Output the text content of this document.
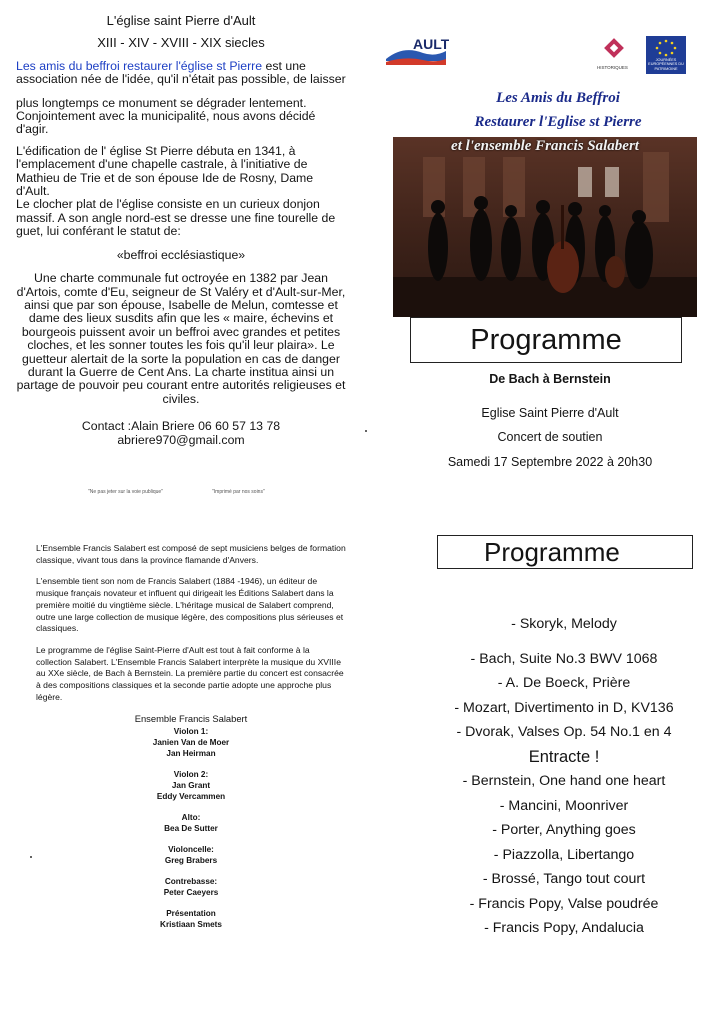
L'église saint Pierre d'Ault

XIII - XIV - XVIII - XIX siecles

Les amis du beffroi restaurer l'église st Pierre est une association née de l'idée, qu'il n'était pas possible, de laisser

plus longtemps ce monument se dégrader lentement. Conjointement avec la municipalité, nous avons décidé d'agir.

L'édification de l' église St Pierre débuta en 1341, à l'emplacement d'une chapelle castrale, à l'initiative de Mathieu de Trie et de son épouse Ide de Rosny, Dame d'Ault.

Le clocher plat de l'église consiste en un curieux donjon massif. A son angle nord-est se dresse une fine tourelle de guet, lui conférant le statut de:

«beffroi ecclésiastique»

Une charte communale fut octroyée en 1382 par Jean d'Artois, comte d'Eu, seigneur de St Valéry et d'Ault-sur-Mer, ainsi que par son épouse, Isabelle de Melun, comtesse et dame des lieux susdits afin que les « maire, échevins et bourgeois puissent avoir un beffroi avec grandes et petites cloches, et les sonner toutes les fois qu'il leur plaira». Le guetteur alertait de la sorte la population en cas de danger durant la Guerre de Cent Ans. La charte institua ainsi un partage de pouvoir peu courant entre autorités religieuses et civiles.

Contact :Alain Briere 06 60 57 13 78

abriere970@gmail.com

"Ne pas jeter sur la voie publique"	"Imprimé par nos soins"
AULT
HISTORIQUES
JOURNÉES EUROPÉENNES DU PATRIMOINE
Les Amis du Beffroi
Restaurer l'Eglise st Pierre
et l'ensemble Francis Salabert
Programme
De Bach à Bernstein
Eglise Saint Pierre d'Ault
Concert de soutien
Samedi 17 Septembre 2022 à 20h30

L'Ensemble Francis Salabert est composé de sept musiciens belges de formation classique, vivant tous dans la province flamande d'Anvers.

L'ensemble tient son nom de Francis Salabert (1884 -1946), un éditeur de musique français novateur et influent qui dirigeait les Éditions Salabert dans la première moitié du vingtième siècle. L'héritage musical de Salabert comprend, outre une large collection de musique légère, des compositions plus sérieuses et classiques.

Le programme de l'église Saint-Pierre d'Ault est tout à fait conforme à la collection Salabert. L'Ensemble Francis Salabert interprète la musique du XVIIIe au XXe siècle, de Bach à Bernstein. La première partie du concert est consacrée à des compositions classiques et la seconde partie adopte une approche plus légère.

Ensemble Francis Salabert
Violon 1:
Janien Van de Moer
Jan Heirman
Violon 2:
Jan Grant
Eddy Vercammen
Alto:
Bea De Sutter
Violoncelle:
Greg Brabers
Contrebasse:
Peter Caeyers
Présentation
Kristiaan Smets
Programme
- Skoryk, Melody
- Bach, Suite No.3 BWV 1068
- A. De Boeck, Prière
- Mozart, Divertimento in D, KV136
- Dvorak, Valses Op. 54 No.1 en 4
Entracte !
- Bernstein, One hand one heart
- Mancini, Moonriver
- Porter, Anything goes
- Piazzolla, Libertango
- Brossé, Tango tout court
- Francis Popy, Valse poudrée
- Francis Popy, Andalucia
